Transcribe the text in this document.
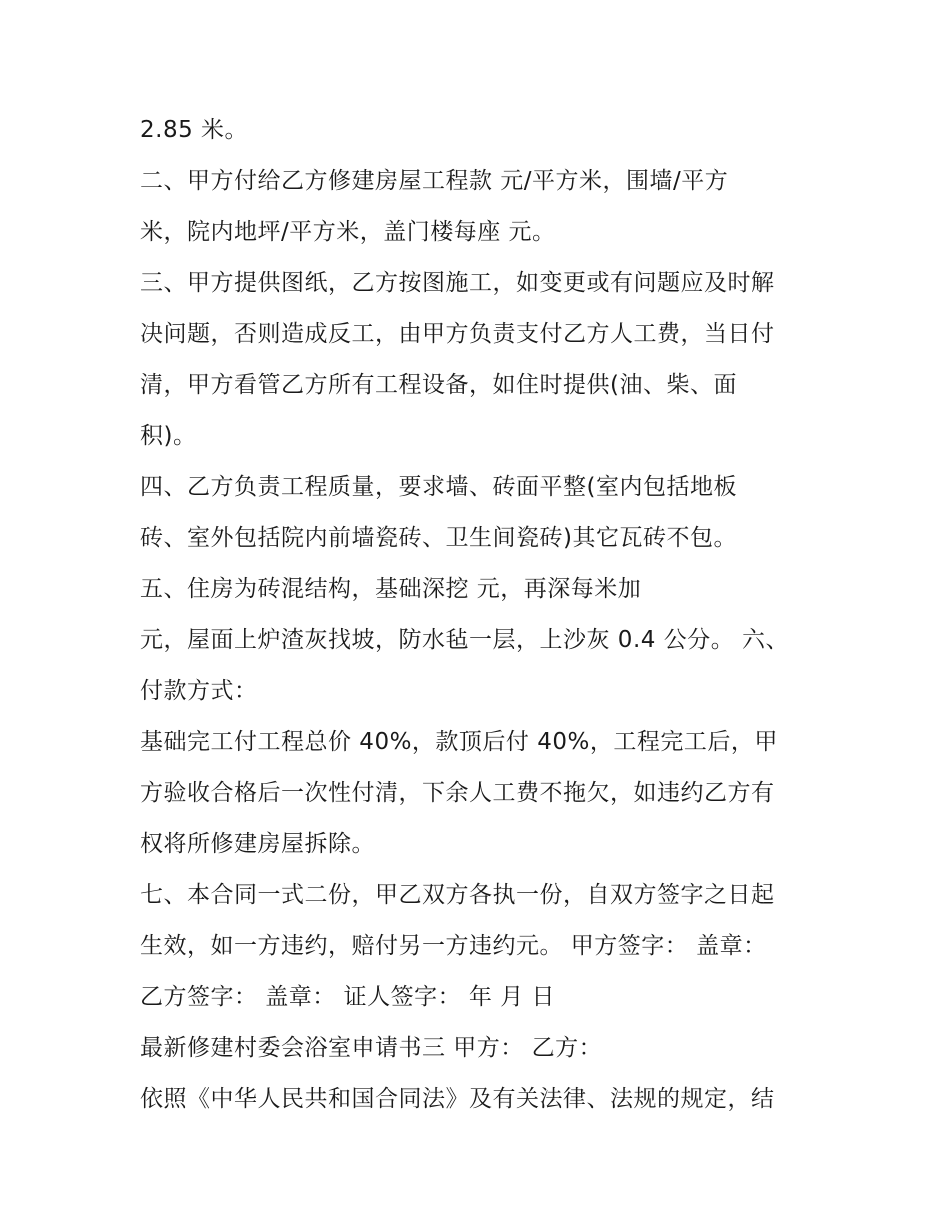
2.85 米。
二、甲方付给乙方修建房屋工程款 元/平方米，围墙/平方
米，院内地坪/平方米，盖门楼每座 元。
三、甲方提供图纸，乙方按图施工，如变更或有问题应及时解
决问题，否则造成反工，由甲方负责支付乙方人工费，当日付
清，甲方看管乙方所有工程设备，如住时提供(油、柴、面
积)。
四、乙方负责工程质量，要求墙、砖面平整(室内包括地板
砖、室外包括院内前墙瓷砖、卫生间瓷砖)其它瓦砖不包。
五、住房为砖混结构，基础深挖 元，再深每米加
元，屋面上炉渣灰找坡，防水毡一层，上沙灰 0.4 公分。 六、
付款方式：
基础完工付工程总价 40%，款顶后付 40%，工程完工后，甲
方验收合格后一次性付清，下余人工费不拖欠，如违约乙方有
权将所修建房屋拆除。
七、本合同一式二份，甲乙双方各执一份，自双方签字之日起
生效，如一方违约，赔付另一方违约元。 甲方签字： 盖章：
乙方签字： 盖章： 证人签字： 年 月 日
最新修建村委会浴室申请书三 甲方： 乙方：
依照《中华人民共和国合同法》及有关法律、法规的规定，结
